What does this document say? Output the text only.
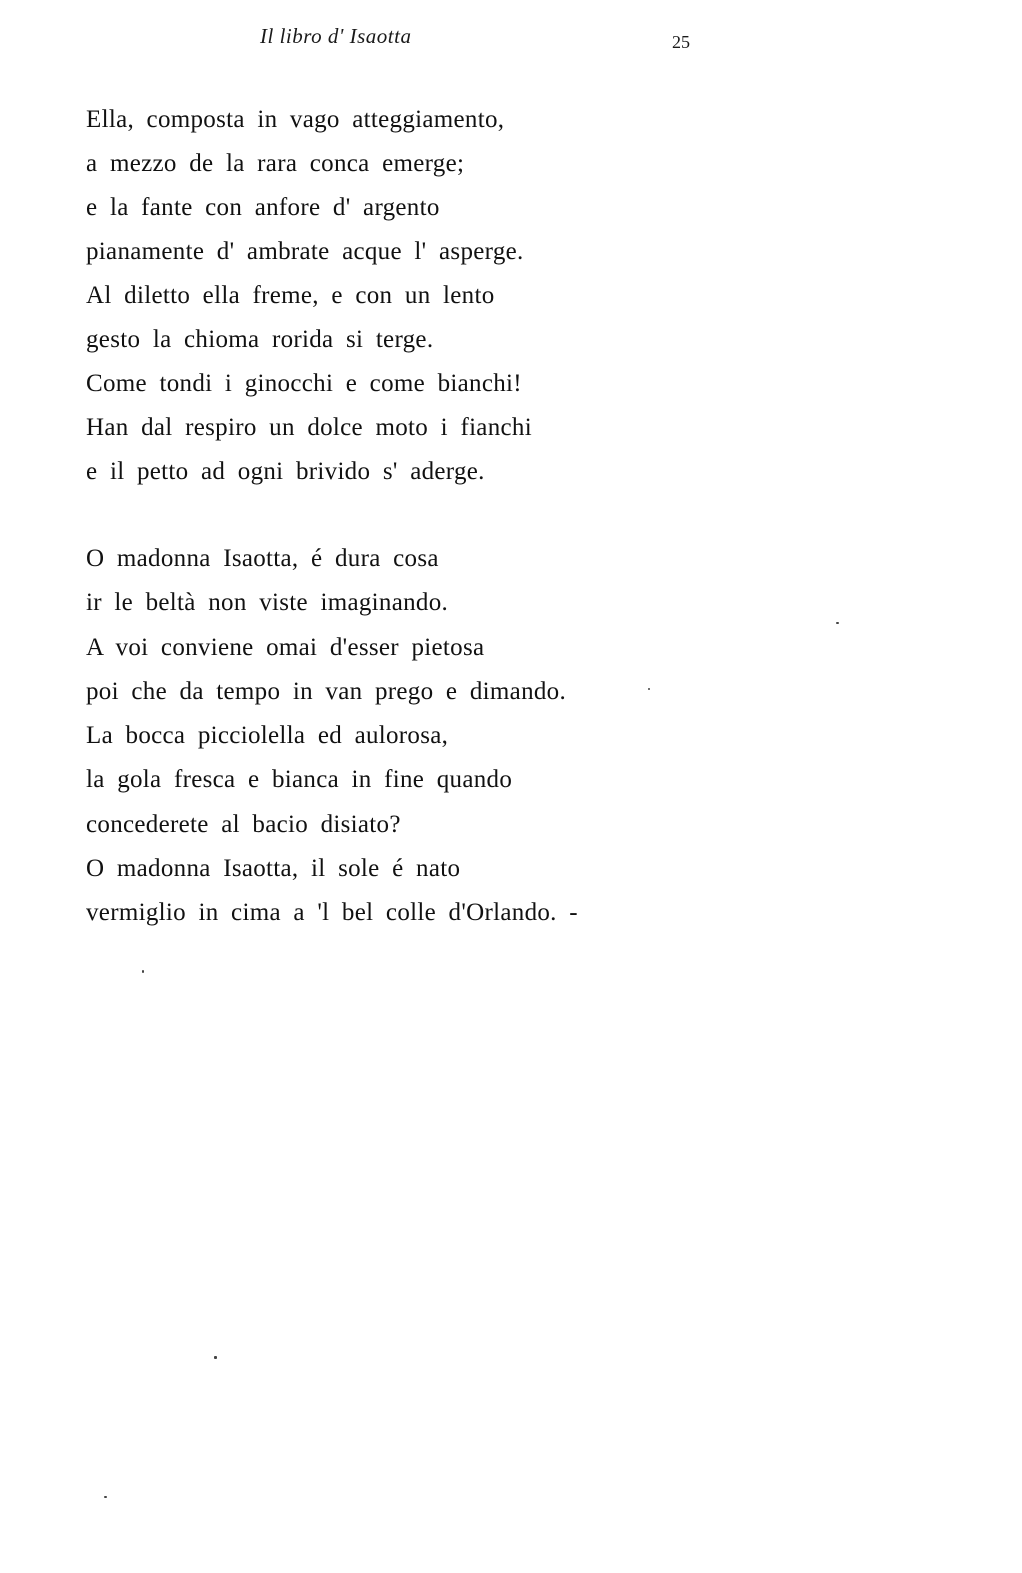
Il libro d' Isaotta	25
Ella, composta in vago atteggiamento,
a mezzo de la rara conca emerge;
e la fante con anfore d' argento
pianamente d' ambrate acque l' asperge.
Al diletto ella freme, e con un lento
gesto la chioma rorida si terge.
Come tondi i ginocchi e come bianchi!
Han dal respiro un dolce moto i fianchi
e il petto ad ogni brivido s' aderge.
O madonna Isaotta, é dura cosa
ir le beltà non viste imaginando.
A voi conviene omai d'esser pietosa
poi che da tempo in van prego e dimando.
La bocca picciolella ed aulorosa,
la gola fresca e bianca in fine quando
concederete al bacio disiato?
O madonna Isaotta, il sole é nato
vermiglio in cima a 'l bel colle d'Orlando. -
